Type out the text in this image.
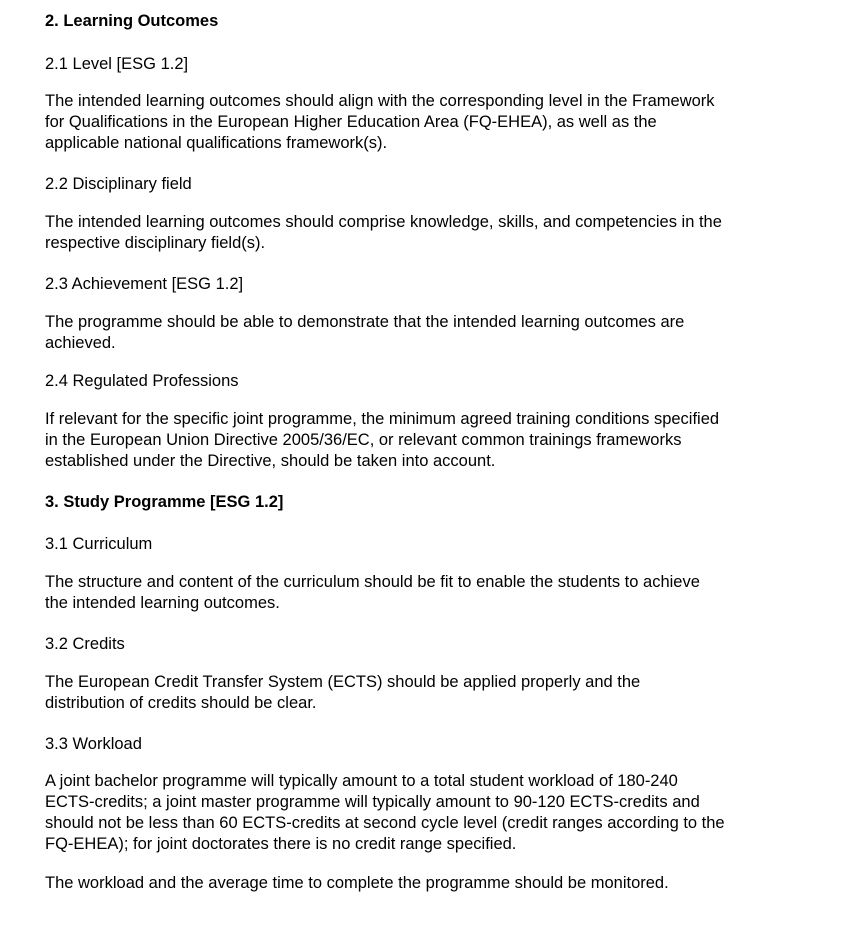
2. Learning Outcomes
2.1 Level [ESG 1.2]

The intended learning outcomes should align with the corresponding level in the Framework

for Qualifications in the European Higher Education Area (FQ-EHEA), as well as the

applicable national qualifications framework(s).

2.2 Disciplinary field

The intended learning outcomes should comprise knowledge, skills, and competencies in the

respective disciplinary field(s).

2.3 Achievement [ESG 1.2]

The programme should be able to demonstrate that the intended learning outcomes are

achieved.

2.4 Regulated Professions

If relevant for the specific joint programme, the minimum agreed training conditions specified

in the European Union Directive 2005/36/EC, or relevant common trainings frameworks

established under the Directive, should be taken into account.

3. Study Programme [ESG 1.2]
3.1 Curriculum

The structure and content of the curriculum should be fit to enable the students to achieve

the intended learning outcomes.

3.2 Credits

The European Credit Transfer System (ECTS) should be applied properly and the

distribution of credits should be clear.

3.3 Workload

A joint bachelor programme will typically amount to a total student workload of 180-240

ECTS-credits; a joint master programme will typically amount to 90-120 ECTS-credits and

should not be less than 60 ECTS-credits at second cycle level (credit ranges according to the

FQ-EHEA); for joint doctorates there is no credit range specified.

The workload and the average time to complete the programme should be monitored.
